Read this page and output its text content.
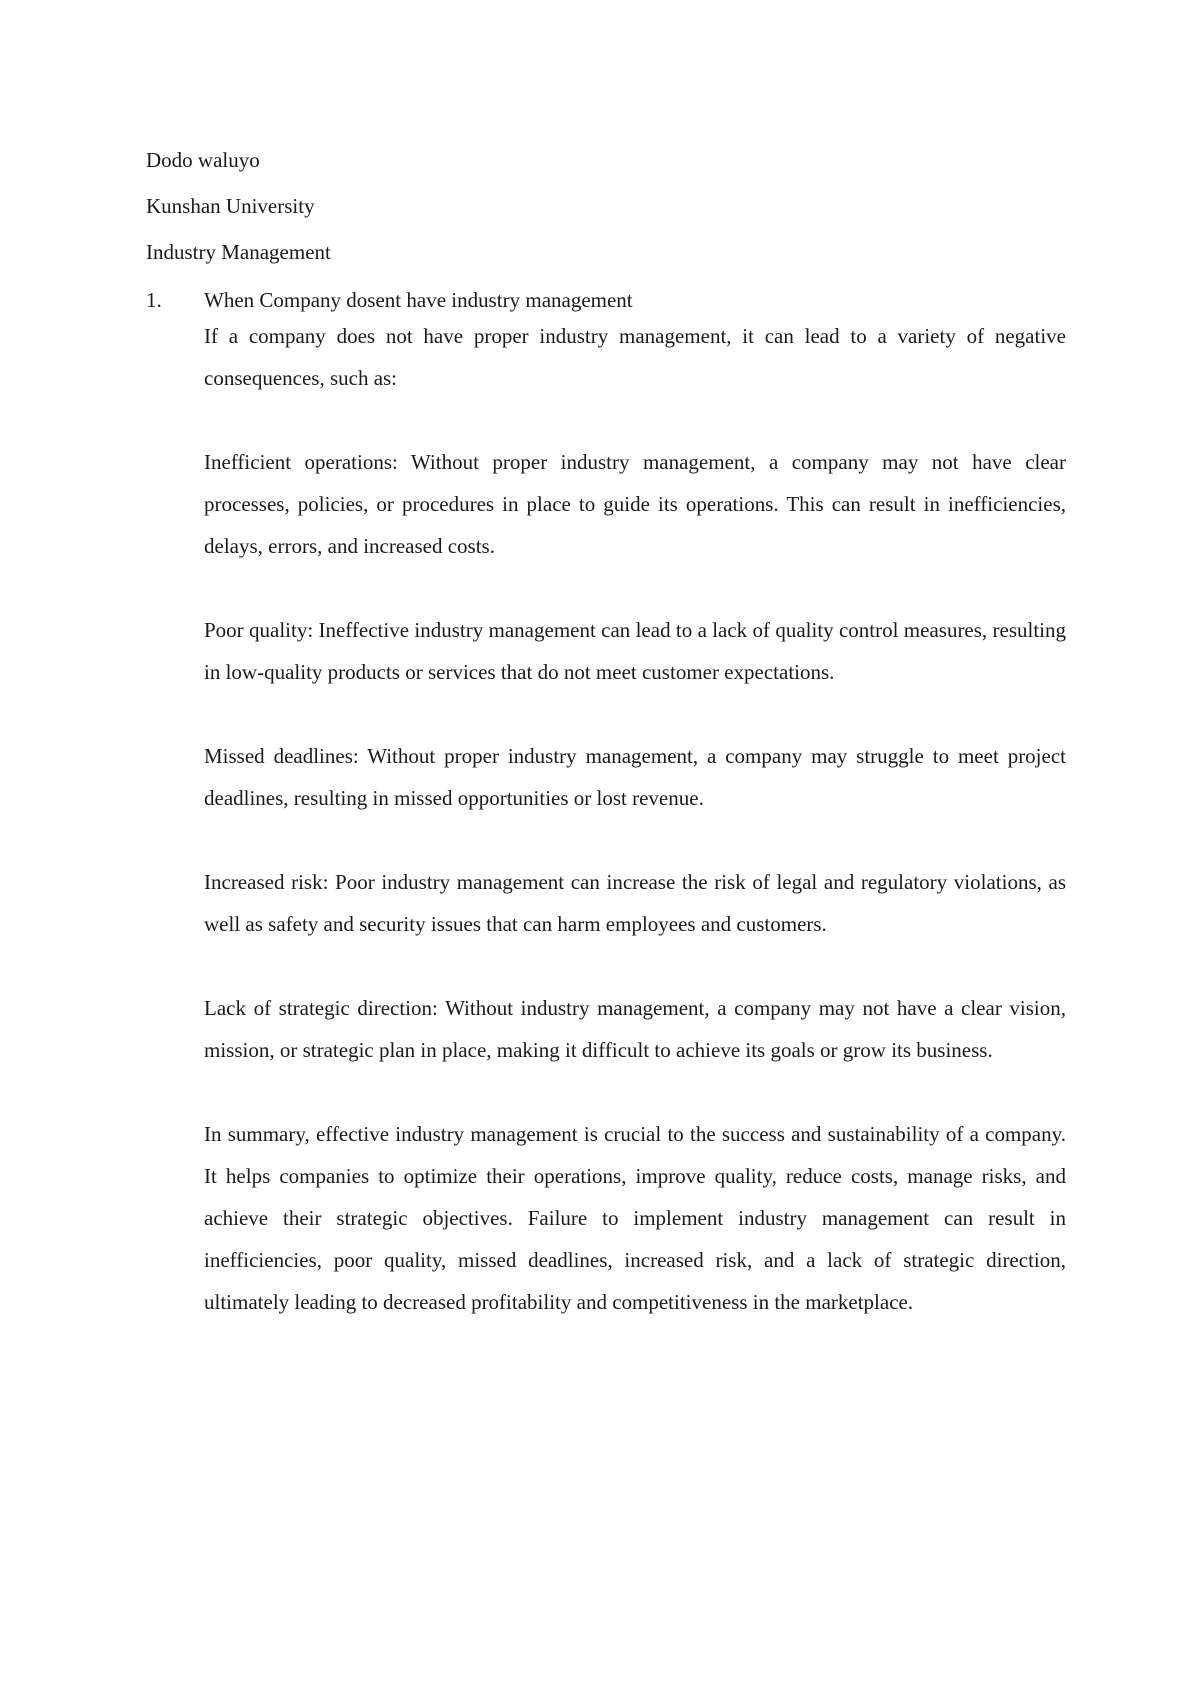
Dodo waluyo
Kunshan University
Industry Management
1. When Company dosent have industry management

If a company does not have proper industry management, it can lead to a variety of negative consequences, such as:

Inefficient operations: Without proper industry management, a company may not have clear processes, policies, or procedures in place to guide its operations. This can result in inefficiencies, delays, errors, and increased costs.

Poor quality: Ineffective industry management can lead to a lack of quality control measures, resulting in low-quality products or services that do not meet customer expectations.

Missed deadlines: Without proper industry management, a company may struggle to meet project deadlines, resulting in missed opportunities or lost revenue.

Increased risk: Poor industry management can increase the risk of legal and regulatory violations, as well as safety and security issues that can harm employees and customers.

Lack of strategic direction: Without industry management, a company may not have a clear vision, mission, or strategic plan in place, making it difficult to achieve its goals or grow its business.

In summary, effective industry management is crucial to the success and sustainability of a company. It helps companies to optimize their operations, improve quality, reduce costs, manage risks, and achieve their strategic objectives. Failure to implement industry management can result in inefficiencies, poor quality, missed deadlines, increased risk, and a lack of strategic direction, ultimately leading to decreased profitability and competitiveness in the marketplace.
